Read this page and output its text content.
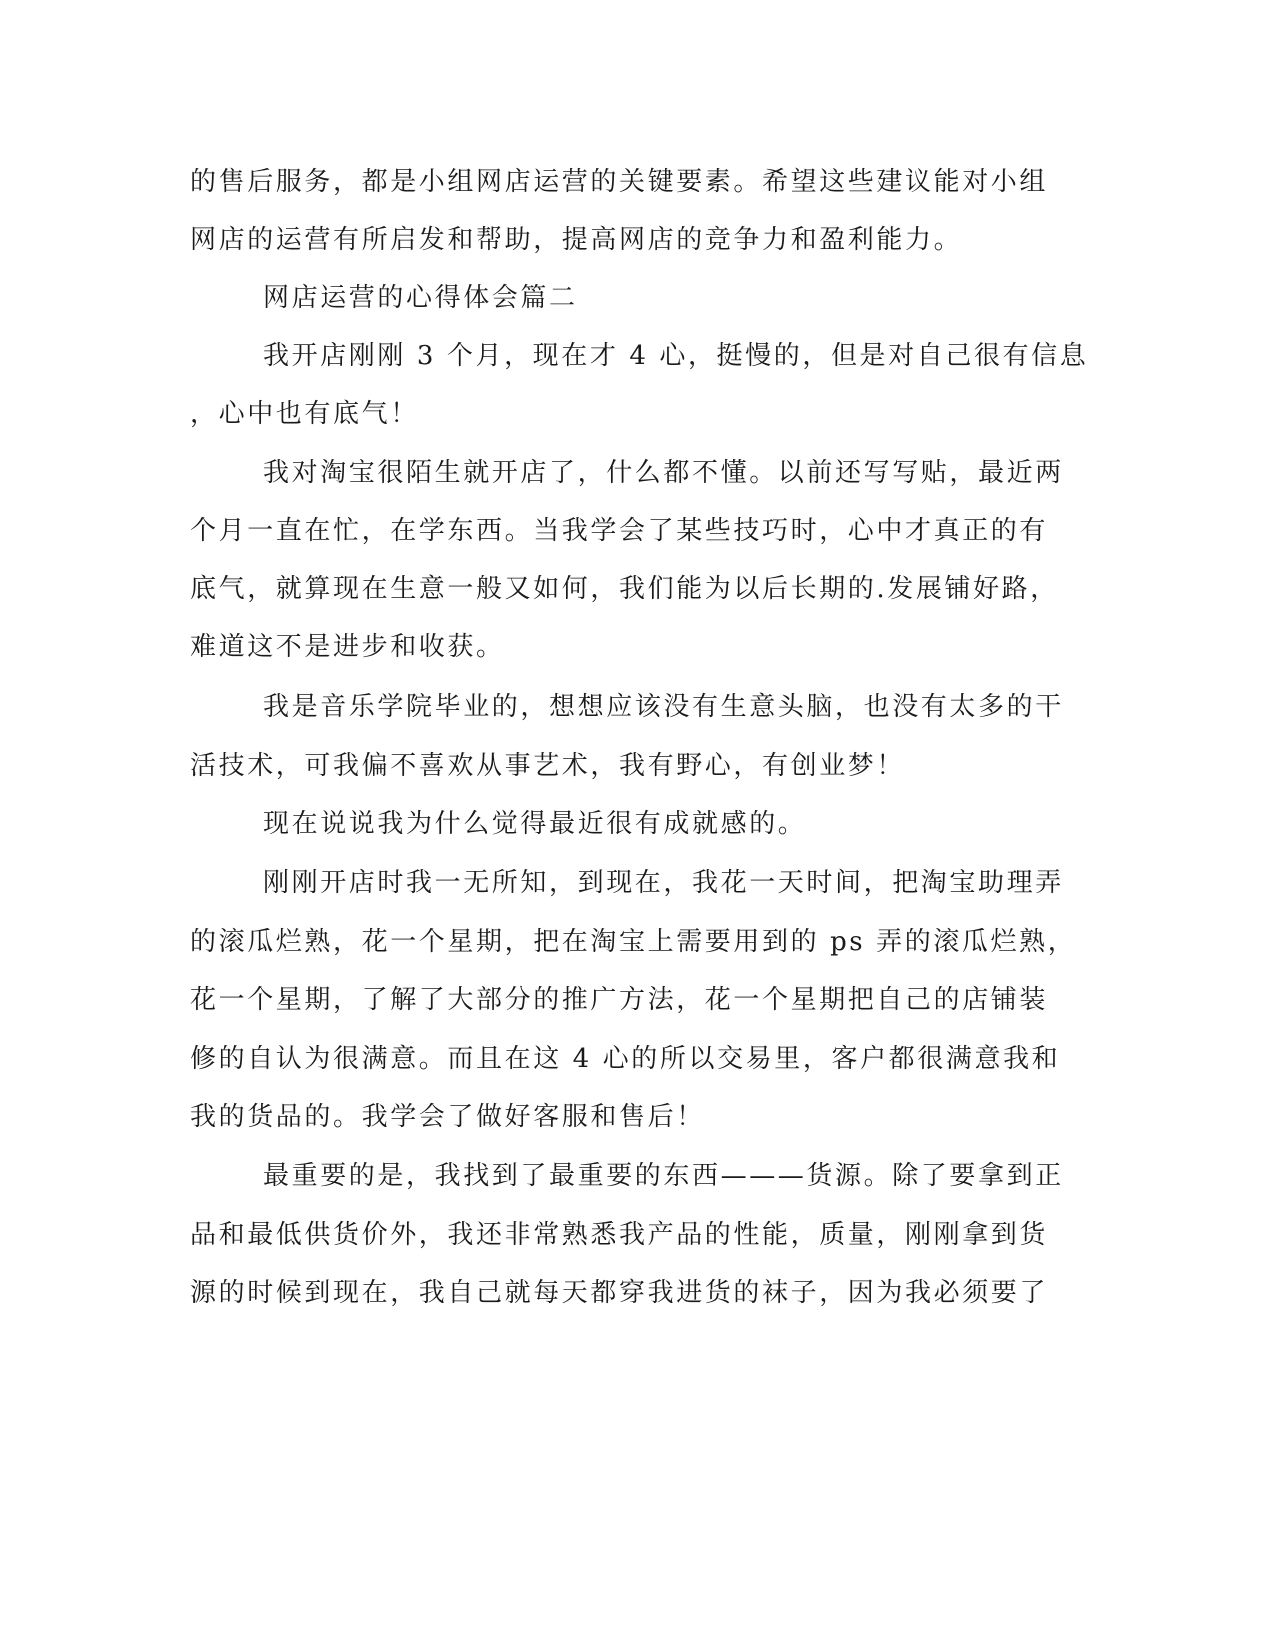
的售后服务，都是小组网店运营的关键要素。希望这些建议能对小组
网店的运营有所启发和帮助，提高网店的竞争力和盈利能力。
网店运营的心得体会篇二
我开店刚刚 3 个月，现在才 4 心，挺慢的，但是对自己很有信息
，心中也有底气！
我对淘宝很陌生就开店了，什么都不懂。以前还写写贴，最近两
个月一直在忙，在学东西。当我学会了某些技巧时，心中才真正的有
底气，就算现在生意一般又如何，我们能为以后长期的.发展铺好路，
难道这不是进步和收获。
我是音乐学院毕业的，想想应该没有生意头脑，也没有太多的干
活技术，可我偏不喜欢从事艺术，我有野心，有创业梦！
现在说说我为什么觉得最近很有成就感的。
刚刚开店时我一无所知，到现在，我花一天时间，把淘宝助理弄
的滚瓜烂熟，花一个星期，把在淘宝上需要用到的 ps 弄的滚瓜烂熟，
花一个星期，了解了大部分的推广方法，花一个星期把自己的店铺装
修的自认为很满意。而且在这 4 心的所以交易里，客户都很满意我和
我的货品的。我学会了做好客服和售后！
最重要的是，我找到了最重要的东西———货源。除了要拿到正
品和最低供货价外，我还非常熟悉我产品的性能，质量，刚刚拿到货
源的时候到现在，我自己就每天都穿我进货的袜子，因为我必须要了
